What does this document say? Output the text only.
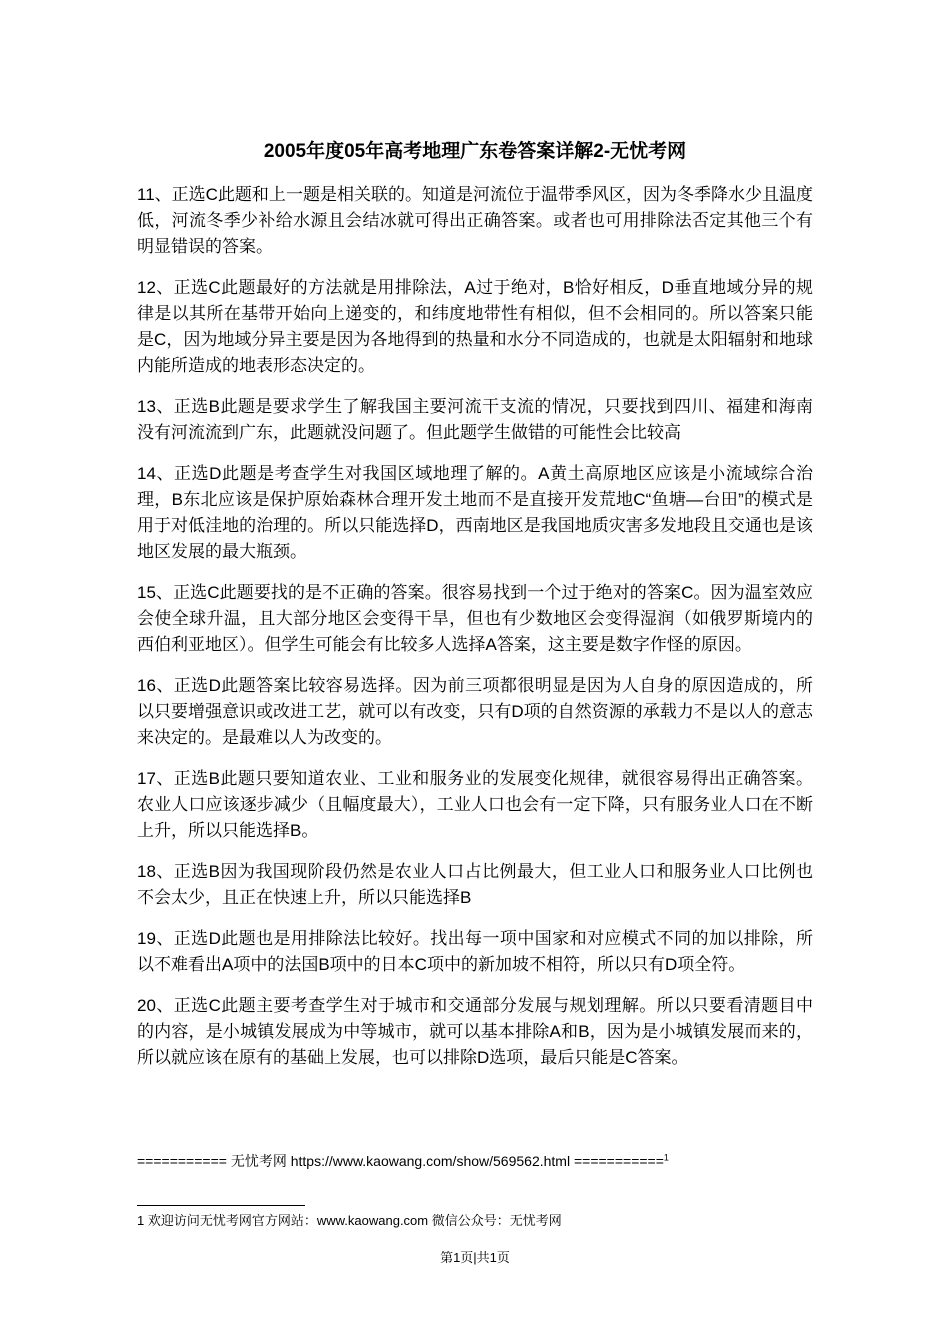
2005年度05年高考地理广东卷答案详解2-无忧考网

11、正选C此题和上一题是相关联的。知道是河流位于温带季风区，因为冬季降水少且温度低，河流冬季少补给水源且会结冰就可得出正确答案。或者也可用排除法否定其他三个有明显错误的答案。

12、正选C此题最好的方法就是用排除法，A过于绝对，B恰好相反，D垂直地域分异的规律是以其所在基带开始向上递变的，和纬度地带性有相似，但不会相同的。所以答案只能是C，因为地域分异主要是因为各地得到的热量和水分不同造成的，也就是太阳辐射和地球内能所造成的地表形态决定的。

13、正选B此题是要求学生了解我国主要河流干支流的情况，只要找到四川、福建和海南没有河流流到广东，此题就没问题了。但此题学生做错的可能性会比较高

14、正选D此题是考查学生对我国区域地理了解的。A黄土高原地区应该是小流域综合治理，B东北应该是保护原始森林合理开发土地而不是直接开发荒地C“鱼塘—台田”的模式是用于对低洼地的治理的。所以只能选择D，西南地区是我国地质灾害多发地段且交通也是该地区发展的最大瓶颈。

15、正选C此题要找的是不正确的答案。很容易找到一个过于绝对的答案C。因为温室效应会使全球升温，且大部分地区会变得干旱，但也有少数地区会变得湿润（如俄罗斯境内的西伯利亚地区）。但学生可能会有比较多人选择A答案，这主要是数字作怪的原因。

16、正选D此题答案比较容易选择。因为前三项都很明显是因为人自身的原因造成的，所以只要增强意识或改进工艺，就可以有改变，只有D项的自然资源的承载力不是以人的意志来决定的。是最难以人为改变的。

17、正选B此题只要知道农业、工业和服务业的发展变化规律，就很容易得出正确答案。农业人口应该逐步减少（且幅度最大），工业人口也会有一定下降，只有服务业人口在不断上升，所以只能选择B。

18、正选B因为我国现阶段仍然是农业人口占比例最大，但工业人口和服务业人口比例也不会太少，且正在快速上升，所以只能选择B

19、正选D此题也是用排除法比较好。找出每一项中国家和对应模式不同的加以排除，所以不难看出A项中的法国B项中的日本C项中的新加坡不相符，所以只有D项全符。

20、正选C此题主要考查学生对于城市和交通部分发展与规划理解。所以只要看清题目中的内容，是小城镇发展成为中等城市，就可以基本排除A和B，因为是小城镇发展而来的，所以就应该在原有的基础上发展，也可以排除D选项，最后只能是C答案。

=========== 无忧考网 https://www.kaowang.com/show/569562.html ===========$^1$
1 欢迎访问无忧考网官方网站：www.kaowang.com 微信公众号：无忧考网
第1页|共1页
